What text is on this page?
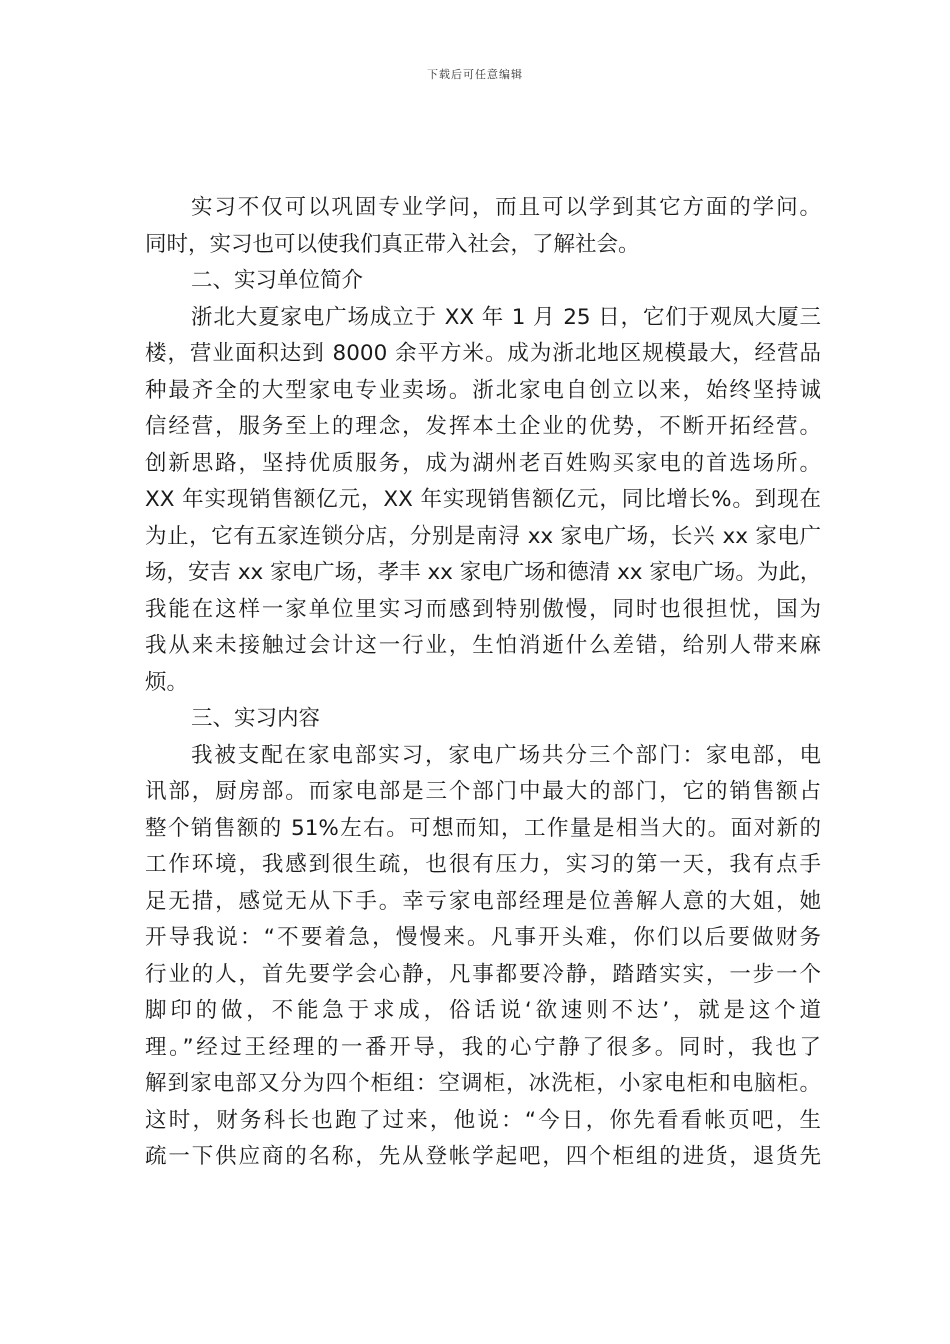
下载后可任意编辑
实习不仅可以巩固专业学问，而且可以学到其它方面的学问。
同时，实习也可以使我们真正带入社会，了解社会。
二、实习单位简介
浙北大夏家电广场成立于 XX 年 1 月 25 日，它们于观凤大厦三
楼，营业面积达到 8000 余平方米。成为浙北地区规模最大，经营品
种最齐全的大型家电专业卖场。浙北家电自创立以来，始终坚持诚
信经营，服务至上的理念，发挥本土企业的优势，不断开拓经营。
创新思路，坚持优质服务，成为湖州老百姓购买家电的首选场所。
XX 年实现销售额亿元，XX 年实现销售额亿元，同比增长%。到现在
为止，它有五家连锁分店，分别是南浔 xx 家电广场，长兴 xx 家电广
场，安吉 xx 家电广场，孝丰 xx 家电广场和德清 xx 家电广场。为此，
我能在这样一家单位里实习而感到特别傲慢，同时也很担忧，国为
我从来未接触过会计这一行业，生怕消逝什么差错，给别人带来麻
烦。
三、实习内容
我被支配在家电部实习，家电广场共分三个部门：家电部，电
讯部，厨房部。而家电部是三个部门中最大的部门，它的销售额占
整个销售额的 51%左右。可想而知，工作量是相当大的。面对新的
工作环境，我感到很生疏，也很有压力，实习的第一天，我有点手
足无措，感觉无从下手。幸亏家电部经理是位善解人意的大姐，她
开导我说：“不要着急，慢慢来。凡事开头难，你们以后要做财务
行业的人，首先要学会心静，凡事都要冷静，踏踏实实，一步一个
脚印的做，不能急于求成，俗话说‘欲速则不达’，就是这个道
理。”经过王经理的一番开导，我的心宁静了很多。同时，我也了
解到家电部又分为四个柜组：空调柜，冰洗柜，小家电柜和电脑柜。
这时，财务科长也跑了过来，他说：“今日，你先看看帐页吧，生
疏一下供应商的名称，先从登帐学起吧，四个柜组的进货，退货先
